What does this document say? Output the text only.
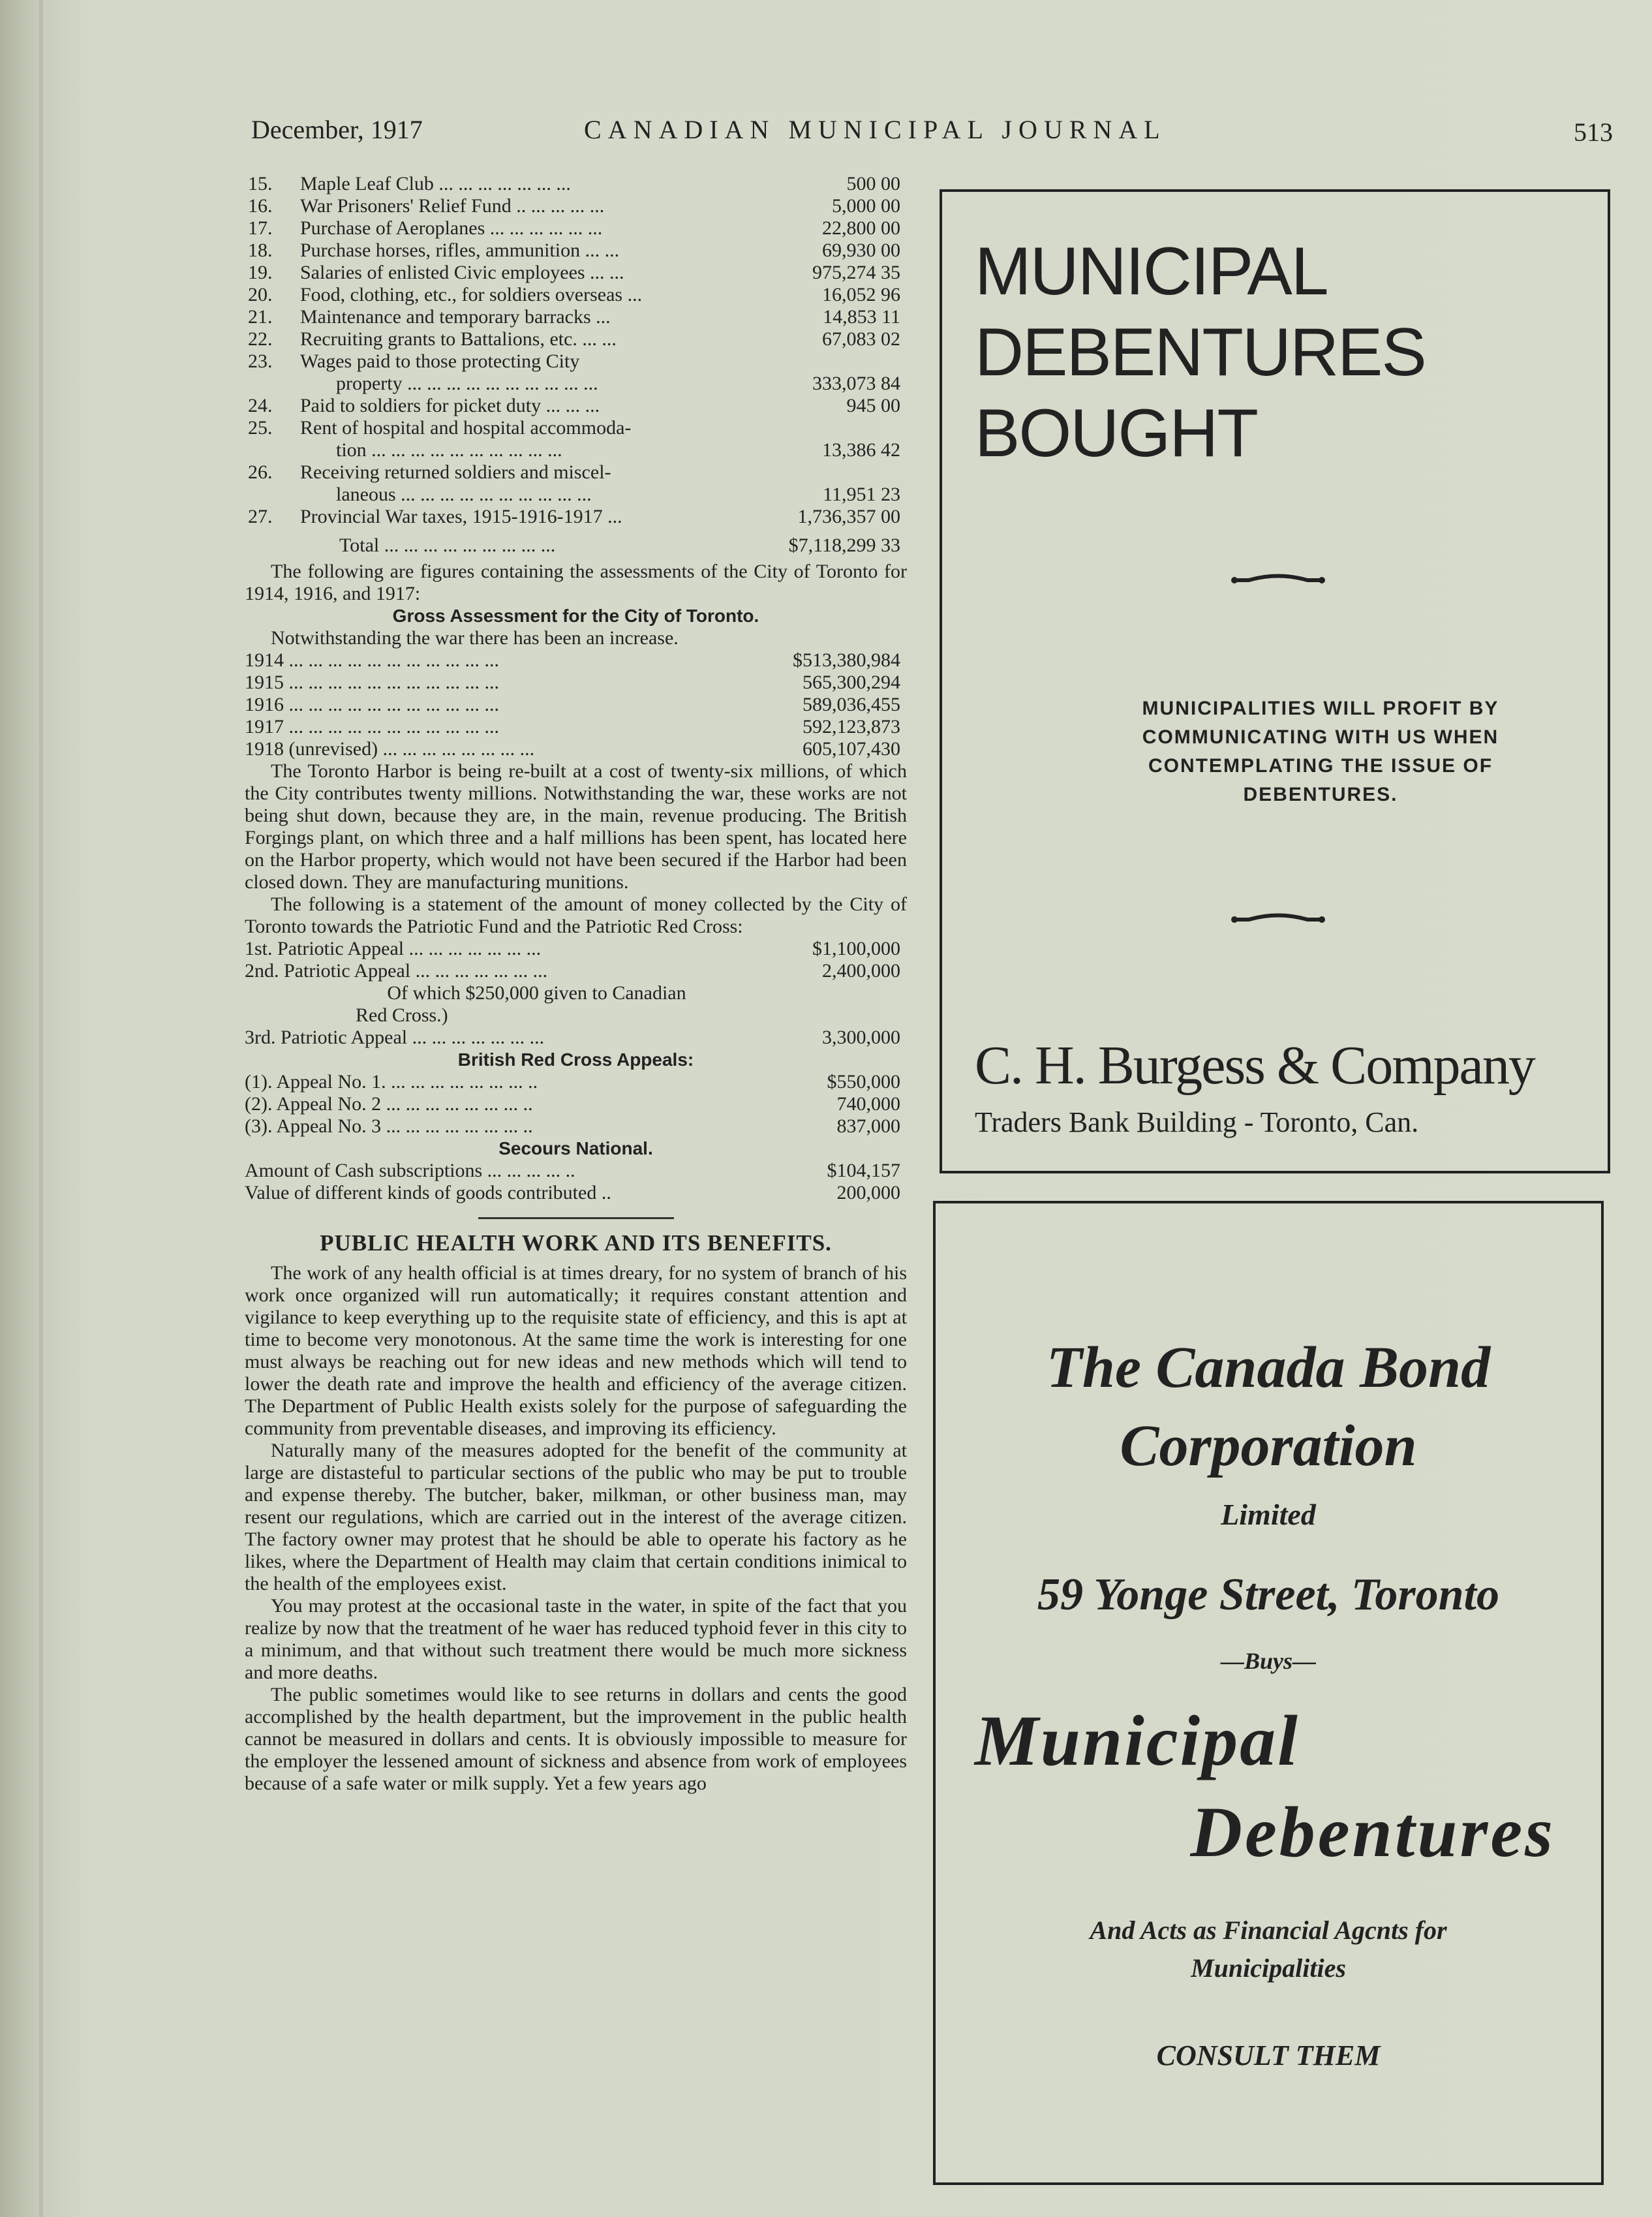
December, 1917	CANADIAN MUNICIPAL JOURNAL	513
15. Maple Leaf Club ... ... ... ... ... ... ...	500 00
16. War Prisoners' Relief Fund .. ... ... ... ...	5,000 00
17. Purchase of Aeroplanes ... ... ... ... ... ...	22,800 00
18. Purchase horses, rifles, ammunition ... ...	69,930 00
19. Salaries of enlisted Civic employees ... ...	975,274 35
20. Food, clothing, etc., for soldiers overseas ...	16,052 96
21. Maintenance and temporary barracks ...	14,853 11
22. Recruiting grants to Battalions, etc. ... ...	67,083 02
23. Wages paid to those protecting City
property ... ... ... ... ... ... ... ... ... ...	333,073 84
24. Paid to soldiers for picket duty ... ... ...	945 00
25. Rent of hospital and hospital accommoda-
tion ... ... ... ... ... ... ... ... ... ...	13,386 42
26. Receiving returned soldiers and miscel-
laneous ... ... ... ... ... ... ... ... ... ...	11,951 23
27. Provincial War taxes, 1915-1916-1917 ...	1,736,357 00
Total ... ... ... ... ... ... ... ... ...	$7,118,299 33

The following are figures containing the assessments of the City of Toronto for 1914, 1916, and 1917:

Gross Assessment for the City of Toronto.

Notwithstanding the war there has been an increase.

1914 ... ... ... ... ... ... ... ... ... ... ...	$513,380,984
1915 ... ... ... ... ... ... ... ... ... ... ...	565,300,294
1916 ... ... ... ... ... ... ... ... ... ... ...	589,036,455
1917 ... ... ... ... ... ... ... ... ... ... ...	592,123,873
1918 (unrevised) ... ... ... ... ... ... ... ...	605,107,430

The Toronto Harbor is being re-built at a cost of twenty-six millions, of which the City contributes twenty millions. Notwithstanding the war, these works are not being shut down, because they are, in the main, revenue producing. The British Forgings plant, on which three and a half millions has been spent, has located here on the Harbor property, which would not have been secured if the Harbor had been closed down. They are manufacturing munitions.

The following is a statement of the amount of money collected by the City of Toronto towards the Patriotic Fund and the Patriotic Red Cross:

1st. Patriotic Appeal ... ... ... ... ... ... ...	$1,100,000
2nd. Patriotic Appeal ... ... ... ... ... ... ...	2,400,000
Of which $250,000 given to Canadian
Red Cross.)
3rd. Patriotic Appeal ... ... ... ... ... ... ...	3,300,000
British Red Cross Appeals:
(1). Appeal No. 1. ... ... ... ... ... ... ... ..	$550,000
(2). Appeal No. 2 ... ... ... ... ... ... ... ..	740,000
(3). Appeal No. 3 ... ... ... ... ... ... ... ..	837,000
Secours National.
Amount of Cash subscriptions ... ... ... ... ..	$104,157
Value of different kinds of goods contributed ..	200,000
PUBLIC HEALTH WORK AND ITS BENEFITS.

The work of any health official is at times dreary, for no system of branch of his work once organized will run automatically; it requires constant attention and vigilance to keep everything up to the requisite state of efficiency, and this is apt at time to become very monotonous. At the same time the work is interesting for one must always be reaching out for new ideas and new methods which will tend to lower the death rate and improve the health and efficiency of the average citizen. The Department of Public Health exists solely for the purpose of safeguarding the community from preventable diseases, and improving its efficiency.

Naturally many of the measures adopted for the benefit of the community at large are distasteful to particular sections of the public who may be put to trouble and expense thereby. The butcher, baker, milkman, or other business man, may resent our regulations, which are carried out in the interest of the average citizen. The factory owner may protest that he should be able to operate his factory as he likes, where the Department of Health may claim that certain conditions inimical to the health of the employees exist.

You may protest at the occasional taste in the water, in spite of the fact that you realize by now that the treatment of he waer has reduced typhoid fever in this city to a minimum, and that without such treatment there would be much more sickness and more deaths.

The public sometimes would like to see returns in dollars and cents the good accomplished by the health department, but the improvement in the public health cannot be measured in dollars and cents. It is obviously impossible to measure for the employer the lessened amount of sickness and absence from work of employees because of a safe water or milk supply. Yet a few years ago

MUNICIPAL
DEBENTURES
BOUGHT
MUNICIPALITIES WILL PROFIT BY COMMUNICATING WITH US WHEN CONTEMPLATING THE ISSUE OF DEBENTURES.
C. H. Burgess & Company
Traders Bank Building - Toronto, Can.
The Canada Bond
Corporation
Limited
59 Yonge Street, Toronto
—Buys—
Municipal
Debentures
And Acts as Financial Agcnts for
Municipalities
CONSULT THEM
